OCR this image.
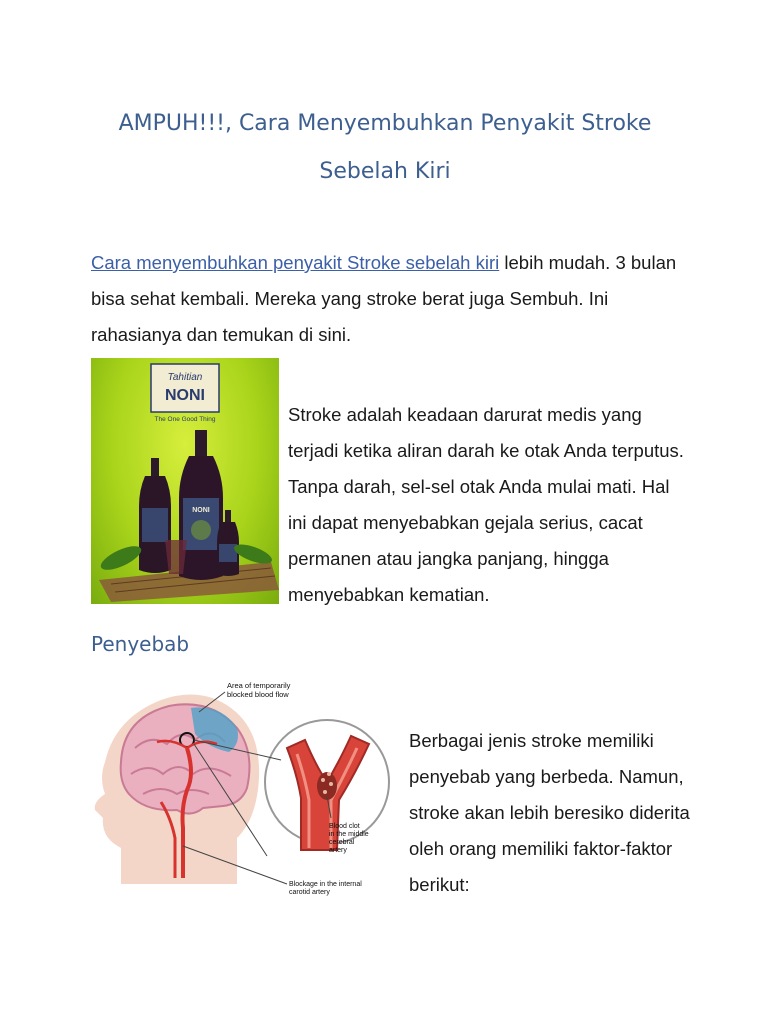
AMPUH!!!, Cara Menyembuhkan Penyakit Stroke Sebelah Kiri

Cara menyembuhkan penyakit Stroke sebelah kiri lebih mudah. 3 bulan bisa sehat kembali. Mereka yang stroke berat juga Sembuh. Ini rahasianya dan temukan di sini.

Tahitian
NONI
The One Good Thing
NONI

Stroke adalah keadaan darurat medis yang terjadi ketika aliran darah ke otak Anda terputus. Tanpa darah, sel-sel otak Anda mulai mati. Hal ini dapat menyebabkan gejala serius, cacat permanen atau jangka panjang, hingga menyebabkan kematian.

Penyebab
Area of temporarily
blocked blood flow
Blood clot
in the middle
cerebral
artery
Blockage in the internal
carotid artery

Berbagai jenis stroke memiliki penyebab yang berbeda. Namun, stroke akan lebih beresiko diderita oleh orang memiliki faktor-faktor berikut:
